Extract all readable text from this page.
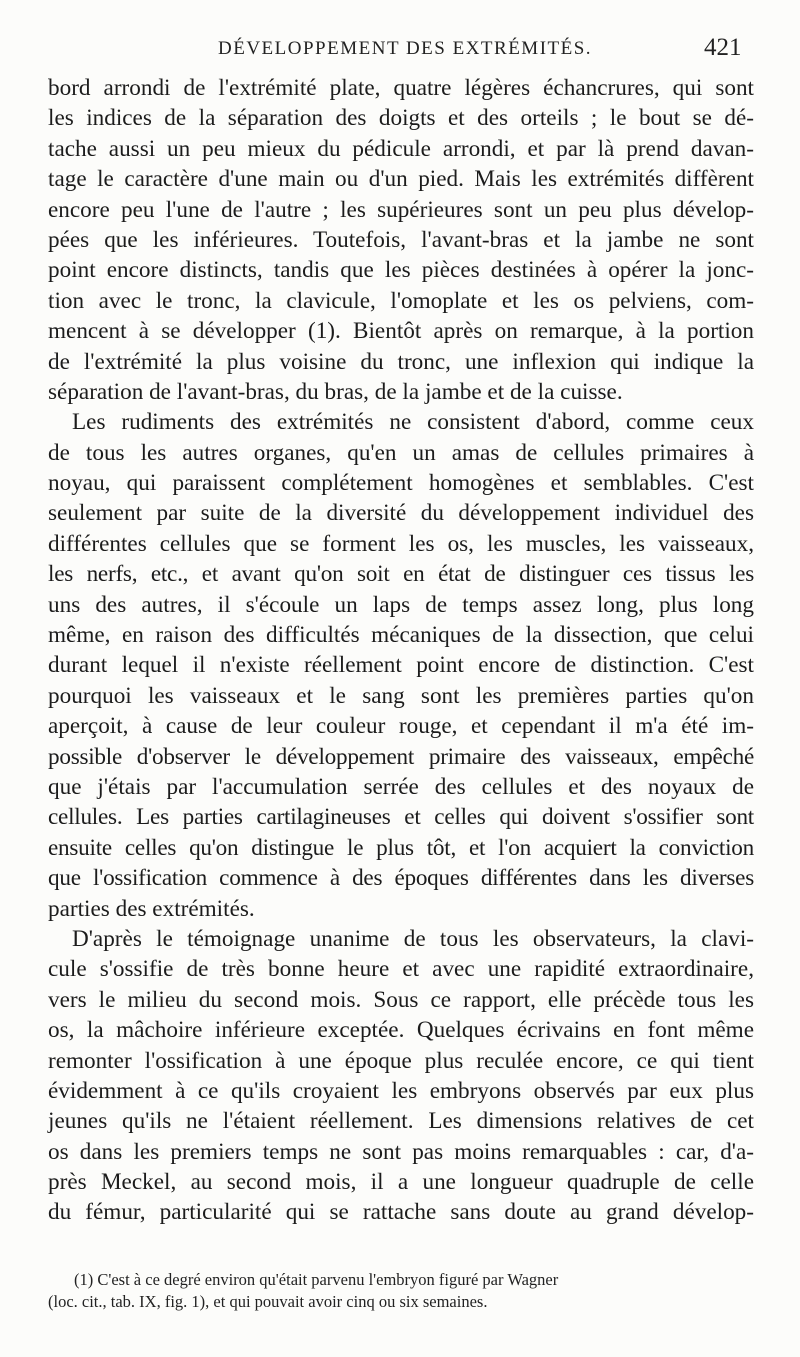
DÉVELOPPEMENT DES EXTRÉMITÉS.	421
bord arrondi de l'extrémité plate, quatre légères échancrures, qui sont
les indices de la séparation des doigts et des orteils ; le bout se dé-
tache aussi un peu mieux du pédicule arrondi, et par là prend davan-
tage le caractère d'une main ou d'un pied. Mais les extrémités diffèrent
encore peu l'une de l'autre ; les supérieures sont un peu plus dévelop-
pées que les inférieures. Toutefois, l'avant-bras et la jambe ne sont
point encore distincts, tandis que les pièces destinées à opérer la jonc-
tion avec le tronc, la clavicule, l'omoplate et les os pelviens, com-
mencent à se développer (1). Bientôt après on remarque, à la portion
de l'extrémité la plus voisine du tronc, une inflexion qui indique la
séparation de l'avant-bras, du bras, de la jambe et de la cuisse.
Les rudiments des extrémités ne consistent d'abord, comme ceux
de tous les autres organes, qu'en un amas de cellules primaires à
noyau, qui paraissent complétement homogènes et semblables. C'est
seulement par suite de la diversité du développement individuel des
différentes cellules que se forment les os, les muscles, les vaisseaux,
les nerfs, etc., et avant qu'on soit en état de distinguer ces tissus les
uns des autres, il s'écoule un laps de temps assez long, plus long
même, en raison des difficultés mécaniques de la dissection, que celui
durant lequel il n'existe réellement point encore de distinction. C'est
pourquoi les vaisseaux et le sang sont les premières parties qu'on
aperçoit, à cause de leur couleur rouge, et cependant il m'a été im-
possible d'observer le développement primaire des vaisseaux, empêché
que j'étais par l'accumulation serrée des cellules et des noyaux de
cellules. Les parties cartilagineuses et celles qui doivent s'ossifier sont
ensuite celles qu'on distingue le plus tôt, et l'on acquiert la conviction
que l'ossification commence à des époques différentes dans les diverses
parties des extrémités.
D'après le témoignage unanime de tous les observateurs, la clavi-
cule s'ossifie de très bonne heure et avec une rapidité extraordinaire,
vers le milieu du second mois. Sous ce rapport, elle précède tous les
os, la mâchoire inférieure exceptée. Quelques écrivains en font même
remonter l'ossification à une époque plus reculée encore, ce qui tient
évidemment à ce qu'ils croyaient les embryons observés par eux plus
jeunes qu'ils ne l'étaient réellement. Les dimensions relatives de cet
os dans les premiers temps ne sont pas moins remarquables : car, d'a-
près Meckel, au second mois, il a une longueur quadruple de celle
du fémur, particularité qui se rattache sans doute au grand dévelop-
(1) C'est à ce degré environ qu'était parvenu l'embryon figuré par Wagner
(loc. cit., tab. IX, fig. 1), et qui pouvait avoir cinq ou six semaines.
